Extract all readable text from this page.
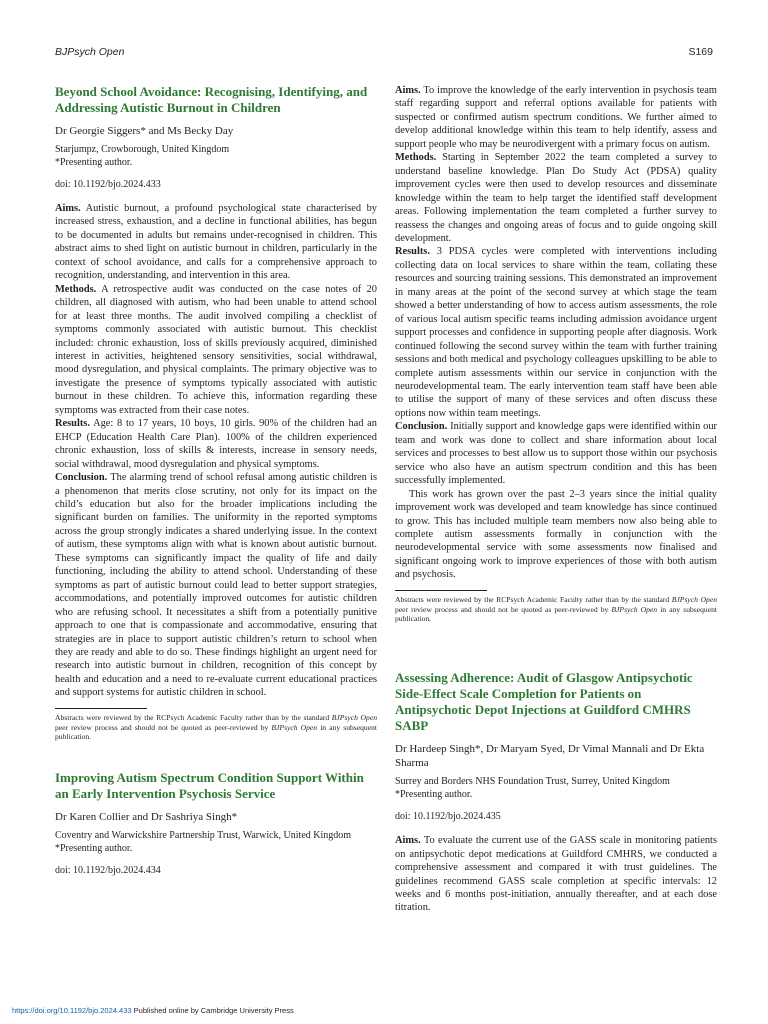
BJPsych Open	S169
Beyond School Avoidance: Recognising, Identifying, and Addressing Autistic Burnout in Children
Dr Georgie Siggers* and Ms Becky Day
Starjumpz, Crowborough, United Kingdom
*Presenting author.
doi: 10.1192/bjo.2024.433

Aims. Autistic burnout, a profound psychological state characterised by increased stress, exhaustion, and a decline in functional abilities, has begun to be documented in adults but remains under-recognised in children. This abstract aims to shed light on autistic burnout in children, particularly in the context of school avoidance, and calls for a comprehensive approach to recognition, understanding, and intervention in this area.

Methods. A retrospective audit was conducted on the case notes of 20 children, all diagnosed with autism, who had been unable to attend school for at least three months. The audit involved compiling a checklist of symptoms commonly associated with autistic burnout. This checklist included: chronic exhaustion, loss of skills previously acquired, diminished interest in activities, heightened sensory sensitivities, social withdrawal, mood dysregulation, and physical complaints. The primary objective was to investigate the presence of symptoms typically associated with autistic burnout in these children. To achieve this, information regarding these symptoms was extracted from their case notes.

Results. Age: 8 to 17 years, 10 boys, 10 girls. 90% of the children had an EHCP (Education Health Care Plan). 100% of the children experienced chronic exhaustion, loss of skills & interests, increase in sensory needs, social withdrawal, mood dysregulation and physical symptoms.

Conclusion. The alarming trend of school refusal among autistic children is a phenomenon that merits close scrutiny, not only for its impact on the child’s education but also for the broader implications including the significant burden on families. The uniformity in the reported symptoms across the group strongly indicates a shared underlying issue. In the context of autism, these symptoms align with what is known about autistic burnout. These symptoms can significantly impact the quality of life and daily functioning, including the ability to attend school. Understanding of these symptoms as part of autistic burnout could lead to better support strategies, accommodations, and potentially improved outcomes for autistic children who are refusing school. It necessitates a shift from a potentially punitive approach to one that is compassionate and accommodative, ensuring that strategies are in place to support autistic children’s return to school when they are ready and able to do so. These findings highlight an urgent need for research into autistic burnout in children, recognition of this concept by health and education and a need to re-evaluate current educational practices and support systems for autistic children in school.

Abstracts were reviewed by the RCPsych Academic Faculty rather than by the standard BJPsych Open peer review process and should not be quoted as peer-reviewed by BJPsych Open in any subsequent publication.
Improving Autism Spectrum Condition Support Within an Early Intervention Psychosis Service
Dr Karen Collier and Dr Sashriya Singh*
Coventry and Warwickshire Partnership Trust, Warwick, United Kingdom
*Presenting author.
doi: 10.1192/bjo.2024.434

Aims. To improve the knowledge of the early intervention in psychosis team staff regarding support and referral options available for patients with suspected or confirmed autism spectrum conditions. We further aimed to develop additional knowledge within this team to help identify, assess and support people who may be neurodivergent with a primary focus on autism.

Methods. Starting in September 2022 the team completed a survey to understand baseline knowledge. Plan Do Study Act (PDSA) quality improvement cycles were then used to develop resources and disseminate knowledge within the team to help target the identified staff development areas. Following implementation the team completed a further survey to reassess the changes and ongoing areas of focus and to guide ongoing skill development.

Results. 3 PDSA cycles were completed with interventions including collecting data on local services to share within the team, collating these resources and sourcing training sessions. This demonstrated an improvement in many areas at the point of the second survey at which stage the team showed a better understanding of how to access autism assessments, the role of various local autism specific teams including admission avoidance urgent support processes and confidence in supporting people after diagnosis. Work continued following the second survey within the team with further training sessions and both medical and psychology colleagues upskilling to be able to complete autism assessments within our service in conjunction with the neurodevelopmental team. The early intervention team staff have been able to utilise the support of many of these services and often discuss these options now within team meetings.

Conclusion. Initially support and knowledge gaps were identified within our team and work was done to collect and share information about local services and processes to best allow us to support those within our psychosis service who also have an autism spectrum condition and this has been successfully implemented.

This work has grown over the past 2–3 years since the initial quality improvement work was developed and team knowledge has since continued to grow. This has included multiple team members now also being able to complete autism assessments formally in conjunction with the neurodevelopmental service with some assessments now finalised and significant ongoing work to improve experiences of those with both autism and psychosis.

Abstracts were reviewed by the RCPsych Academic Faculty rather than by the standard BJPsych Open peer review process and should not be quoted as peer-reviewed by BJPsych Open in any subsequent publication.
Assessing Adherence: Audit of Glasgow Antipsychotic Side-Effect Scale Completion for Patients on Antipsychotic Depot Injections at Guildford CMHRS SABP
Dr Hardeep Singh*, Dr Maryam Syed, Dr Vimal Mannali and Dr Ekta Sharma
Surrey and Borders NHS Foundation Trust, Surrey, United Kingdom
*Presenting author.
doi: 10.1192/bjo.2024.435

Aims. To evaluate the current use of the GASS scale in monitoring patients on antipsychotic depot medications at Guildford CMHRS, we conducted a comprehensive assessment and compared it with trust guidelines. The guidelines recommend GASS scale completion at specific intervals: 12 weeks and 6 months post-initiation, annually thereafter, and at each dose titration.

https://doi.org/10.1192/bjo.2024.433 Published online by Cambridge University Press
